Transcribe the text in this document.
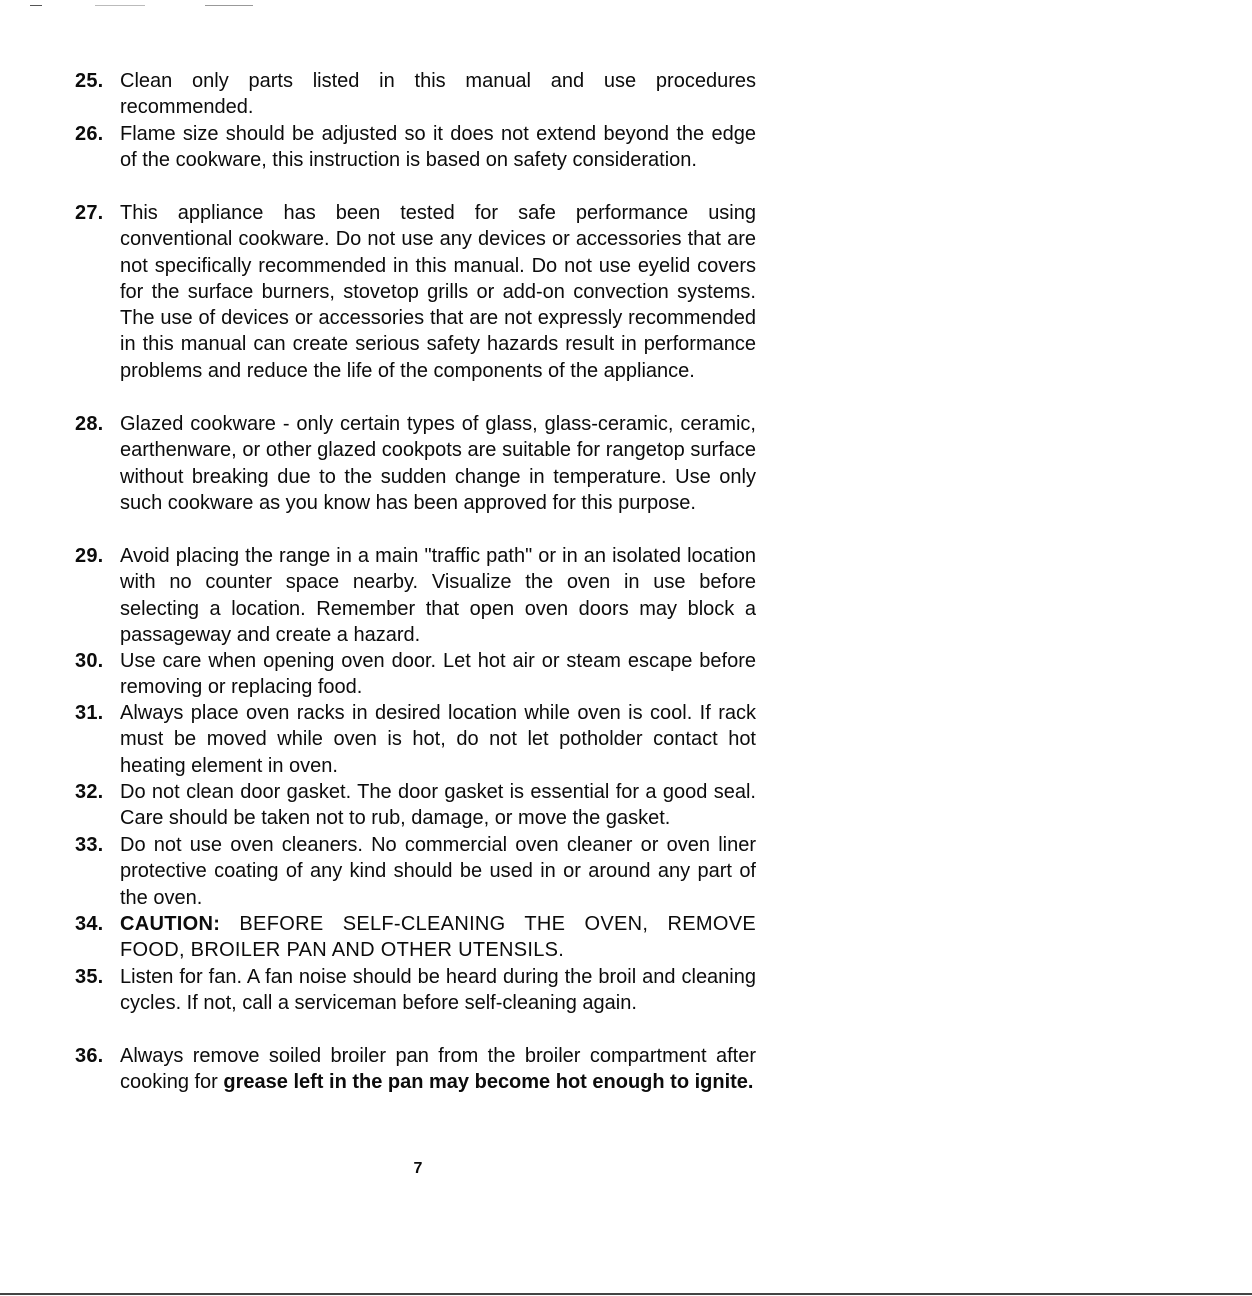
25. Clean only parts listed in this manual and use procedures recommended.
26. Flame size should be adjusted so it does not extend beyond the edge of the cookware, this instruction is based on safety consideration.
27. This appliance has been tested for safe performance using conventional cookware. Do not use any devices or accessories that are not specifically recommended in this manual. Do not use eyelid covers for the surface burners, stovetop grills or add-on convection systems. The use of devices or accessories that are not expressly recommended in this manual can create serious safety hazards result in performance problems and reduce the life of the components of the appliance.
28. Glazed cookware - only certain types of glass, glass-ceramic, ceramic, earthenware, or other glazed cookpots are suitable for rangetop surface without breaking due to the sudden change in temperature. Use only such cookware as you know has been approved for this purpose.
29. Avoid placing the range in a main "traffic path" or in an isolated location with no counter space nearby. Visualize the oven in use before selecting a location. Remember that open oven doors may block a passageway and create a hazard.
30. Use care when opening oven door. Let hot air or steam escape before removing or replacing food.
31. Always place oven racks in desired location while oven is cool. If rack must be moved while oven is hot, do not let potholder contact hot heating element in oven.
32. Do not clean door gasket. The door gasket is essential for a good seal. Care should be taken not to rub, damage, or move the gasket.
33. Do not use oven cleaners. No commercial oven cleaner or oven liner protective coating of any kind should be used in or around any part of the oven.
34. CAUTION: BEFORE SELF-CLEANING THE OVEN, REMOVE FOOD, BROILER PAN AND OTHER UTENSILS.
35. Listen for fan. A fan noise should be heard during the broil and cleaning cycles. If not, call a serviceman before self-cleaning again.
36. Always remove soiled broiler pan from the broiler compartment after cooking for grease left in the pan may become hot enough to ignite.
7
